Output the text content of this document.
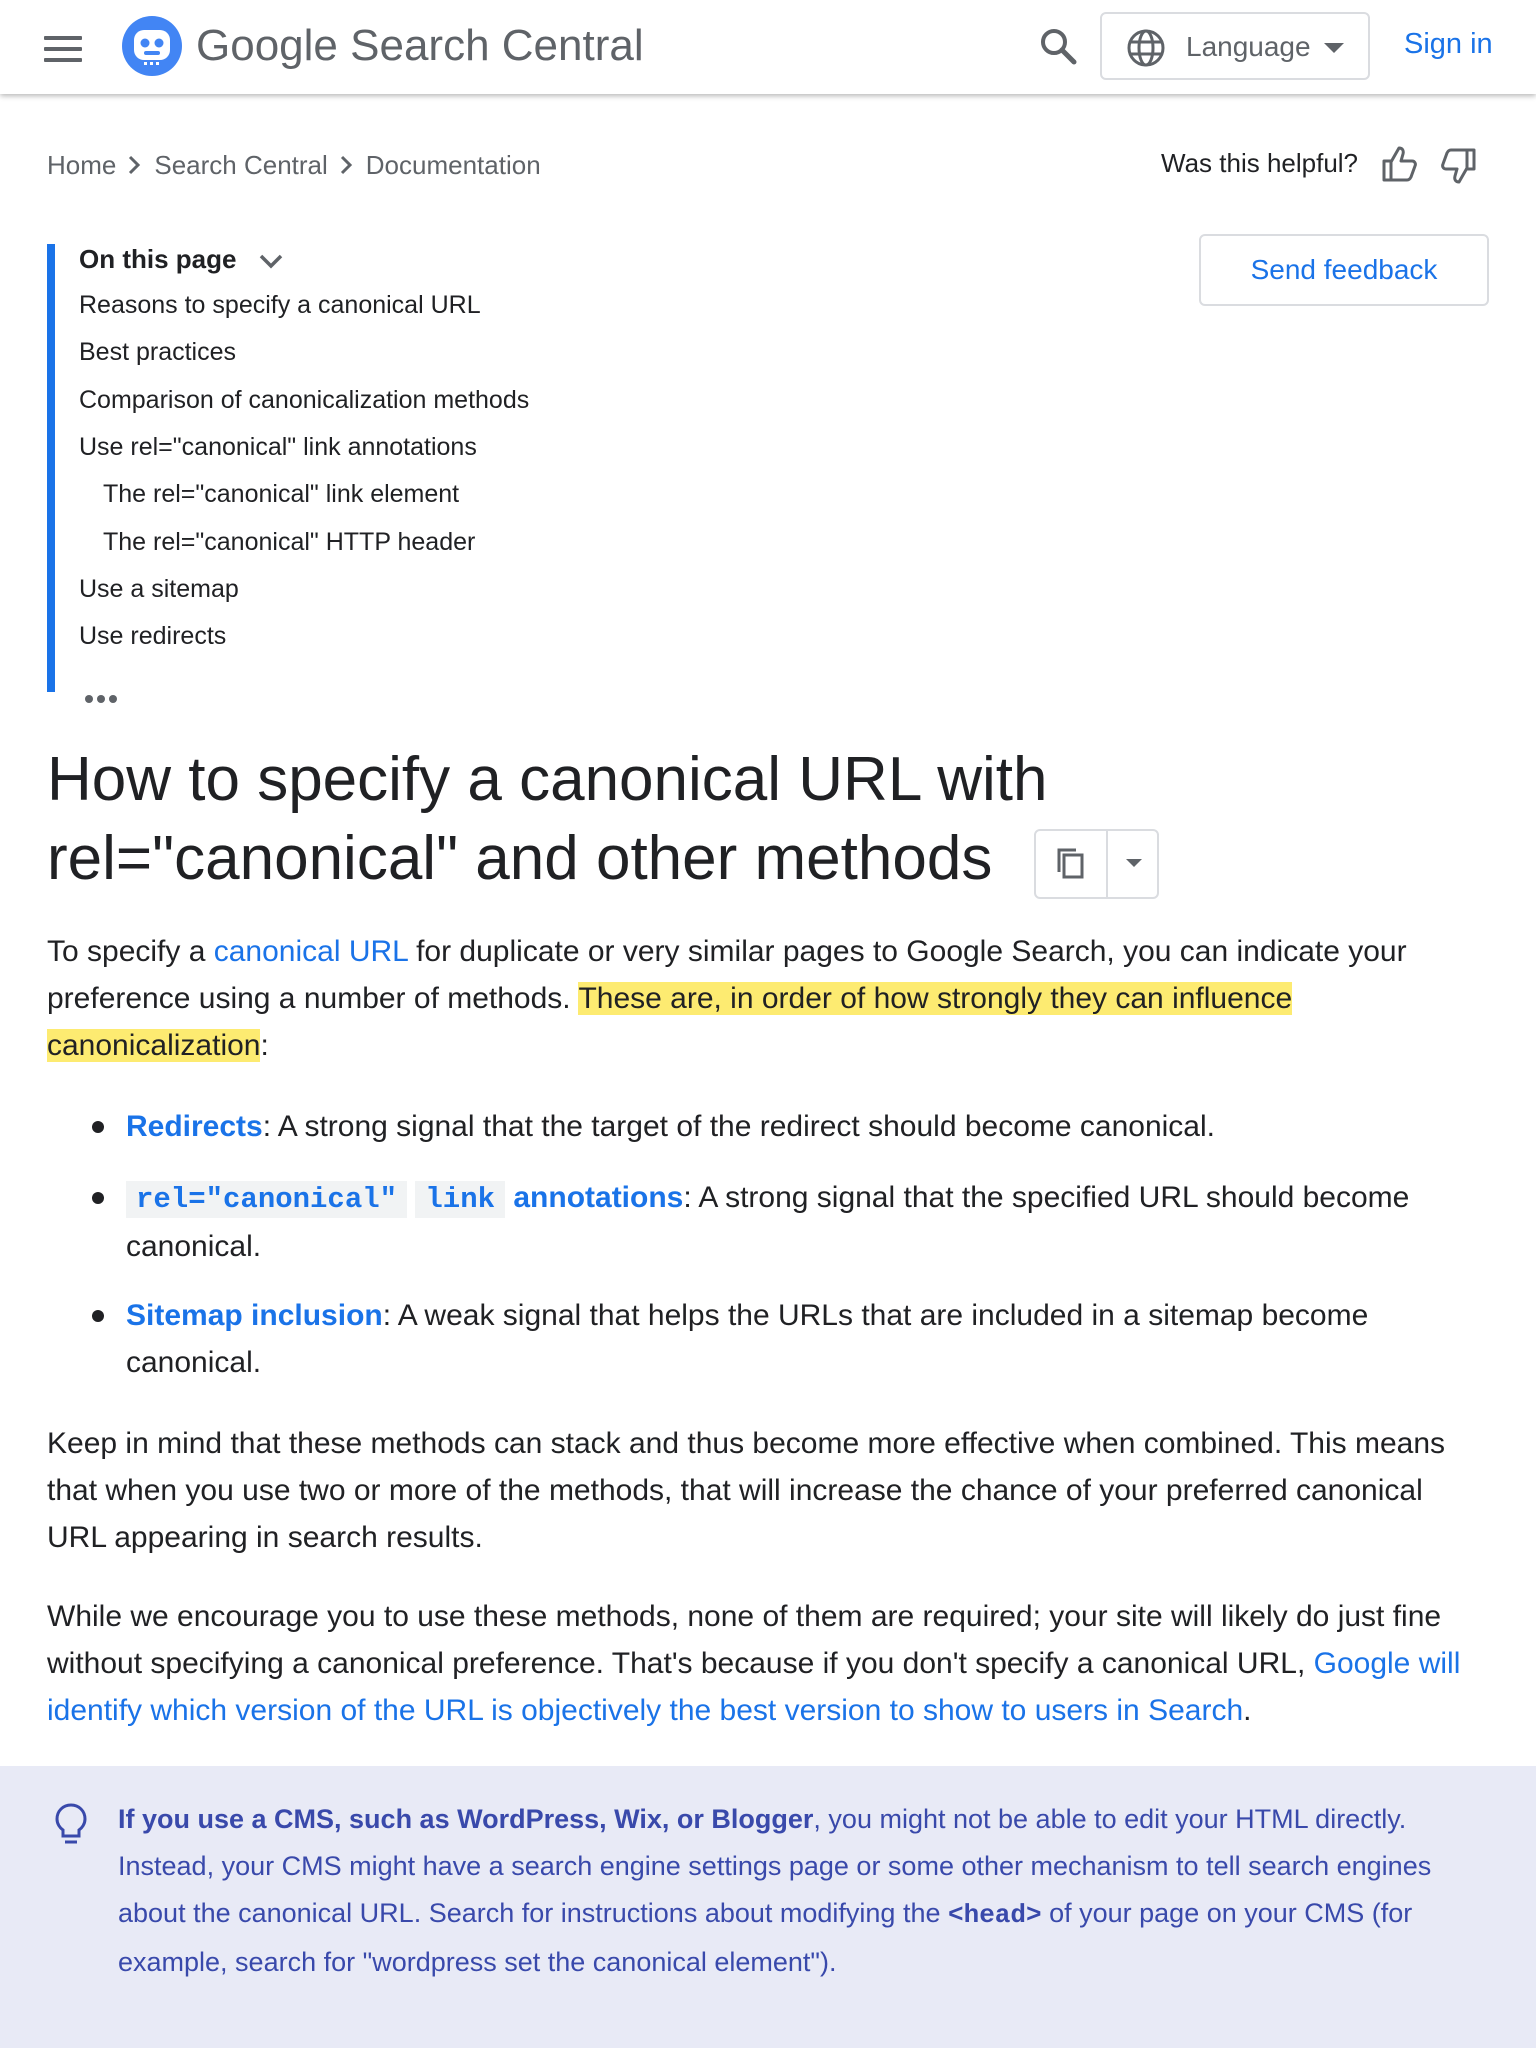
Google Search Central	Language	Sign in
Home Search Central Documentation	Was this helpful?
Send feedback
On this page
Reasons to specify a canonical URL
Best practices
Comparison of canonicalization methods
Use rel="canonical" link annotations
The rel="canonical" link element
The rel="canonical" HTTP header
Use a sitemap
Use redirects
How to specify a canonical URL with
rel="canonical" and other methods
To specify a canonical URL for duplicate or very similar pages to Google Search, you can indicate your preference using a number of methods. These are, in order of how strongly they can influence canonicalization:
Redirects: A strong signal that the target of the redirect should become canonical.
rel="canonical" link annotations: A strong signal that the specified URL should become canonical.
Sitemap inclusion: A weak signal that helps the URLs that are included in a sitemap become canonical.
Keep in mind that these methods can stack and thus become more effective when combined. This means that when you use two or more of the methods, that will increase the chance of your preferred canonical URL appearing in search results.
While we encourage you to use these methods, none of them are required; your site will likely do just fine without specifying a canonical preference. That's because if you don't specify a canonical URL, Google will identify which version of the URL is objectively the best version to show to users in Search.
If you use a CMS, such as WordPress, Wix, or Blogger, you might not be able to edit your HTML directly. Instead, your CMS might have a search engine settings page or some other mechanism to tell search engines about the canonical URL. Search for instructions about modifying the <head> of your page on your CMS (for example, search for "wordpress set the canonical element").
